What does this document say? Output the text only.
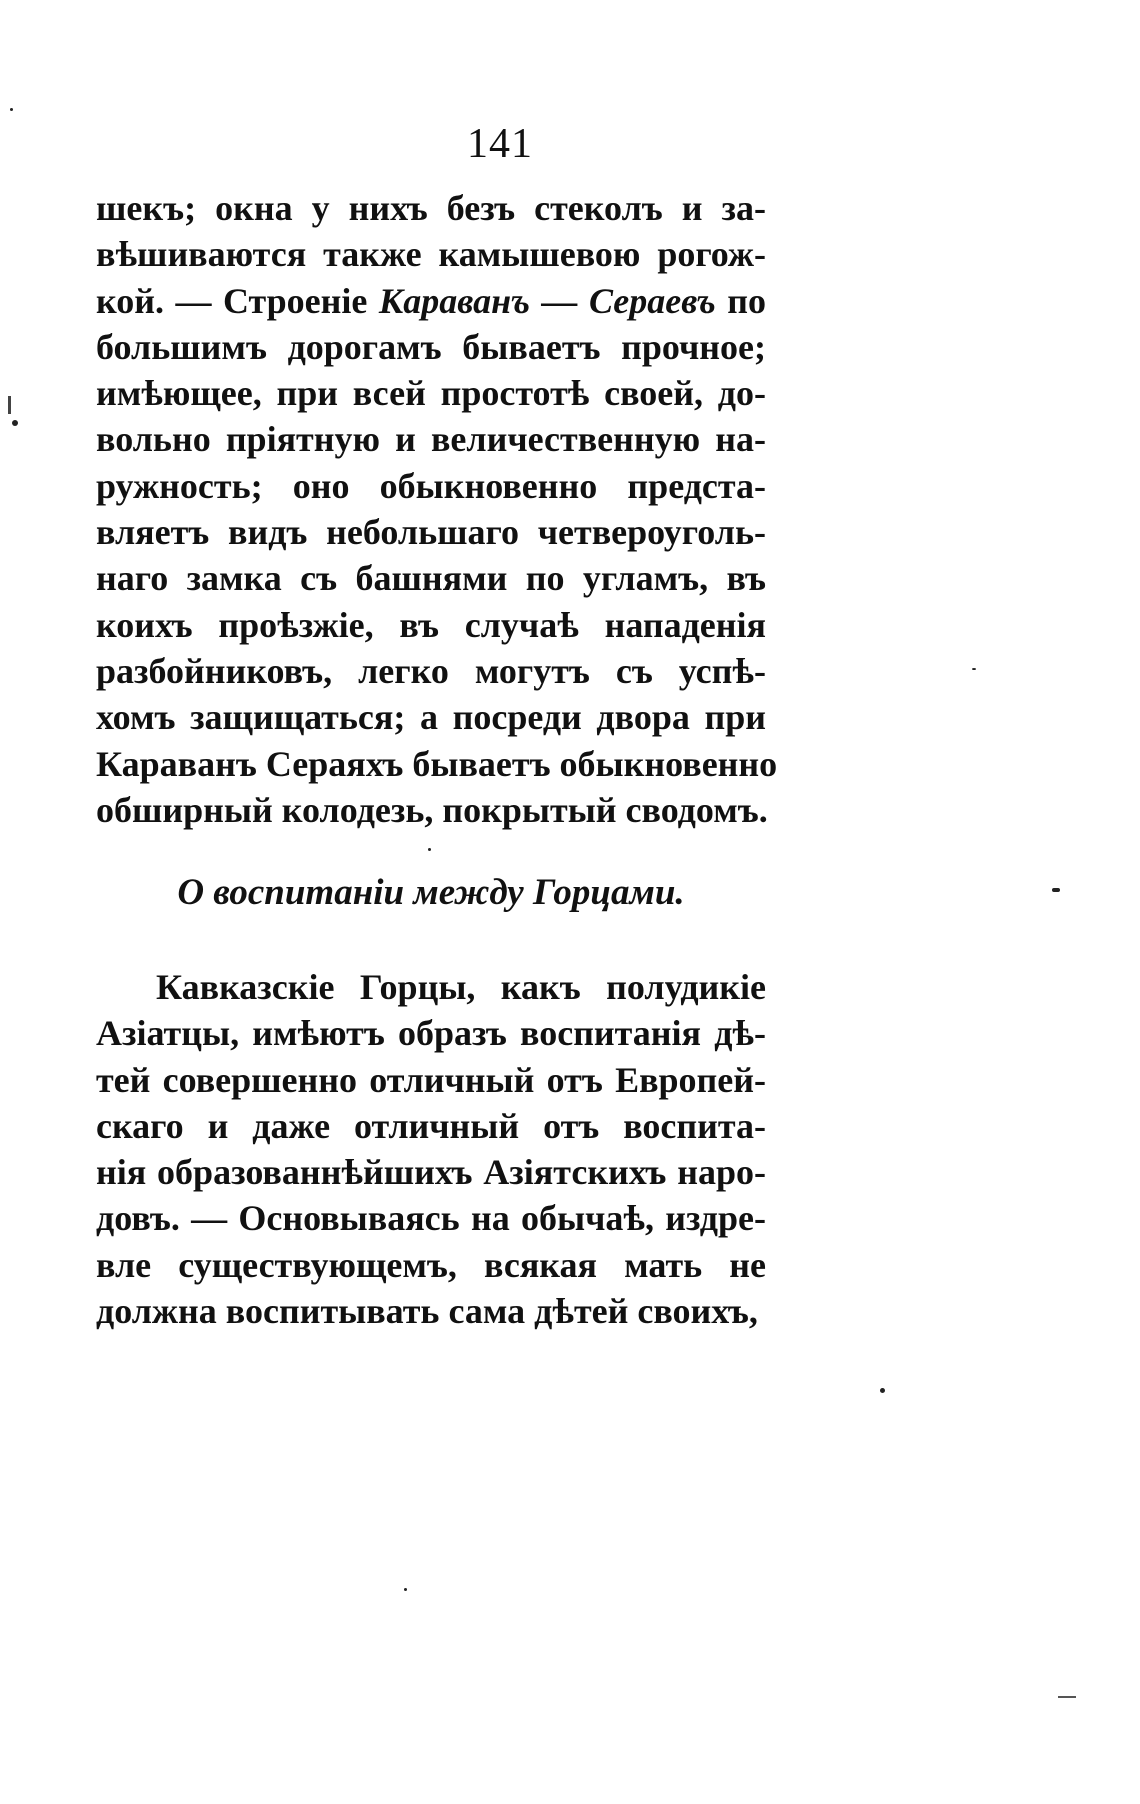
141
шекъ; окна у нихъ безъ стеколъ и за-
вѣшиваются также камышевою рогож-
кой. — Строеніе Караванъ — Сераевъ по
большимъ дорогамъ бываетъ прочное;
имѣющее, при всей простотѣ своей, до-
вольно пріятную и величественную на-
ружность; оно обыкновенно предста-
вляетъ видъ небольшаго четвероуголь-
наго замка съ башнями по угламъ, въ
коихъ проѣзжіе, въ случаѣ нападенія
разбойниковъ, легко могутъ съ успѣ-
хомъ защищаться; а посреди двора при
Караванъ Сераяхъ бываетъ обыкновенно
обширный колодезь, покрытый сводомъ.
О воспитаніи между Горцами.
Кавказскіе Горцы, какъ полудикіе
Азіатцы, имѣютъ образъ воспитанія дѣ-
тей совершенно отличный отъ Европей-
скаго и даже отличный отъ воспита-
нія образованнѣйшихъ Азіятскихъ наро-
довъ. — Основываясь на обычаѣ, издре-
вле существующемъ, всякая мать не
должна воспитывать сама дѣтей своихъ,
